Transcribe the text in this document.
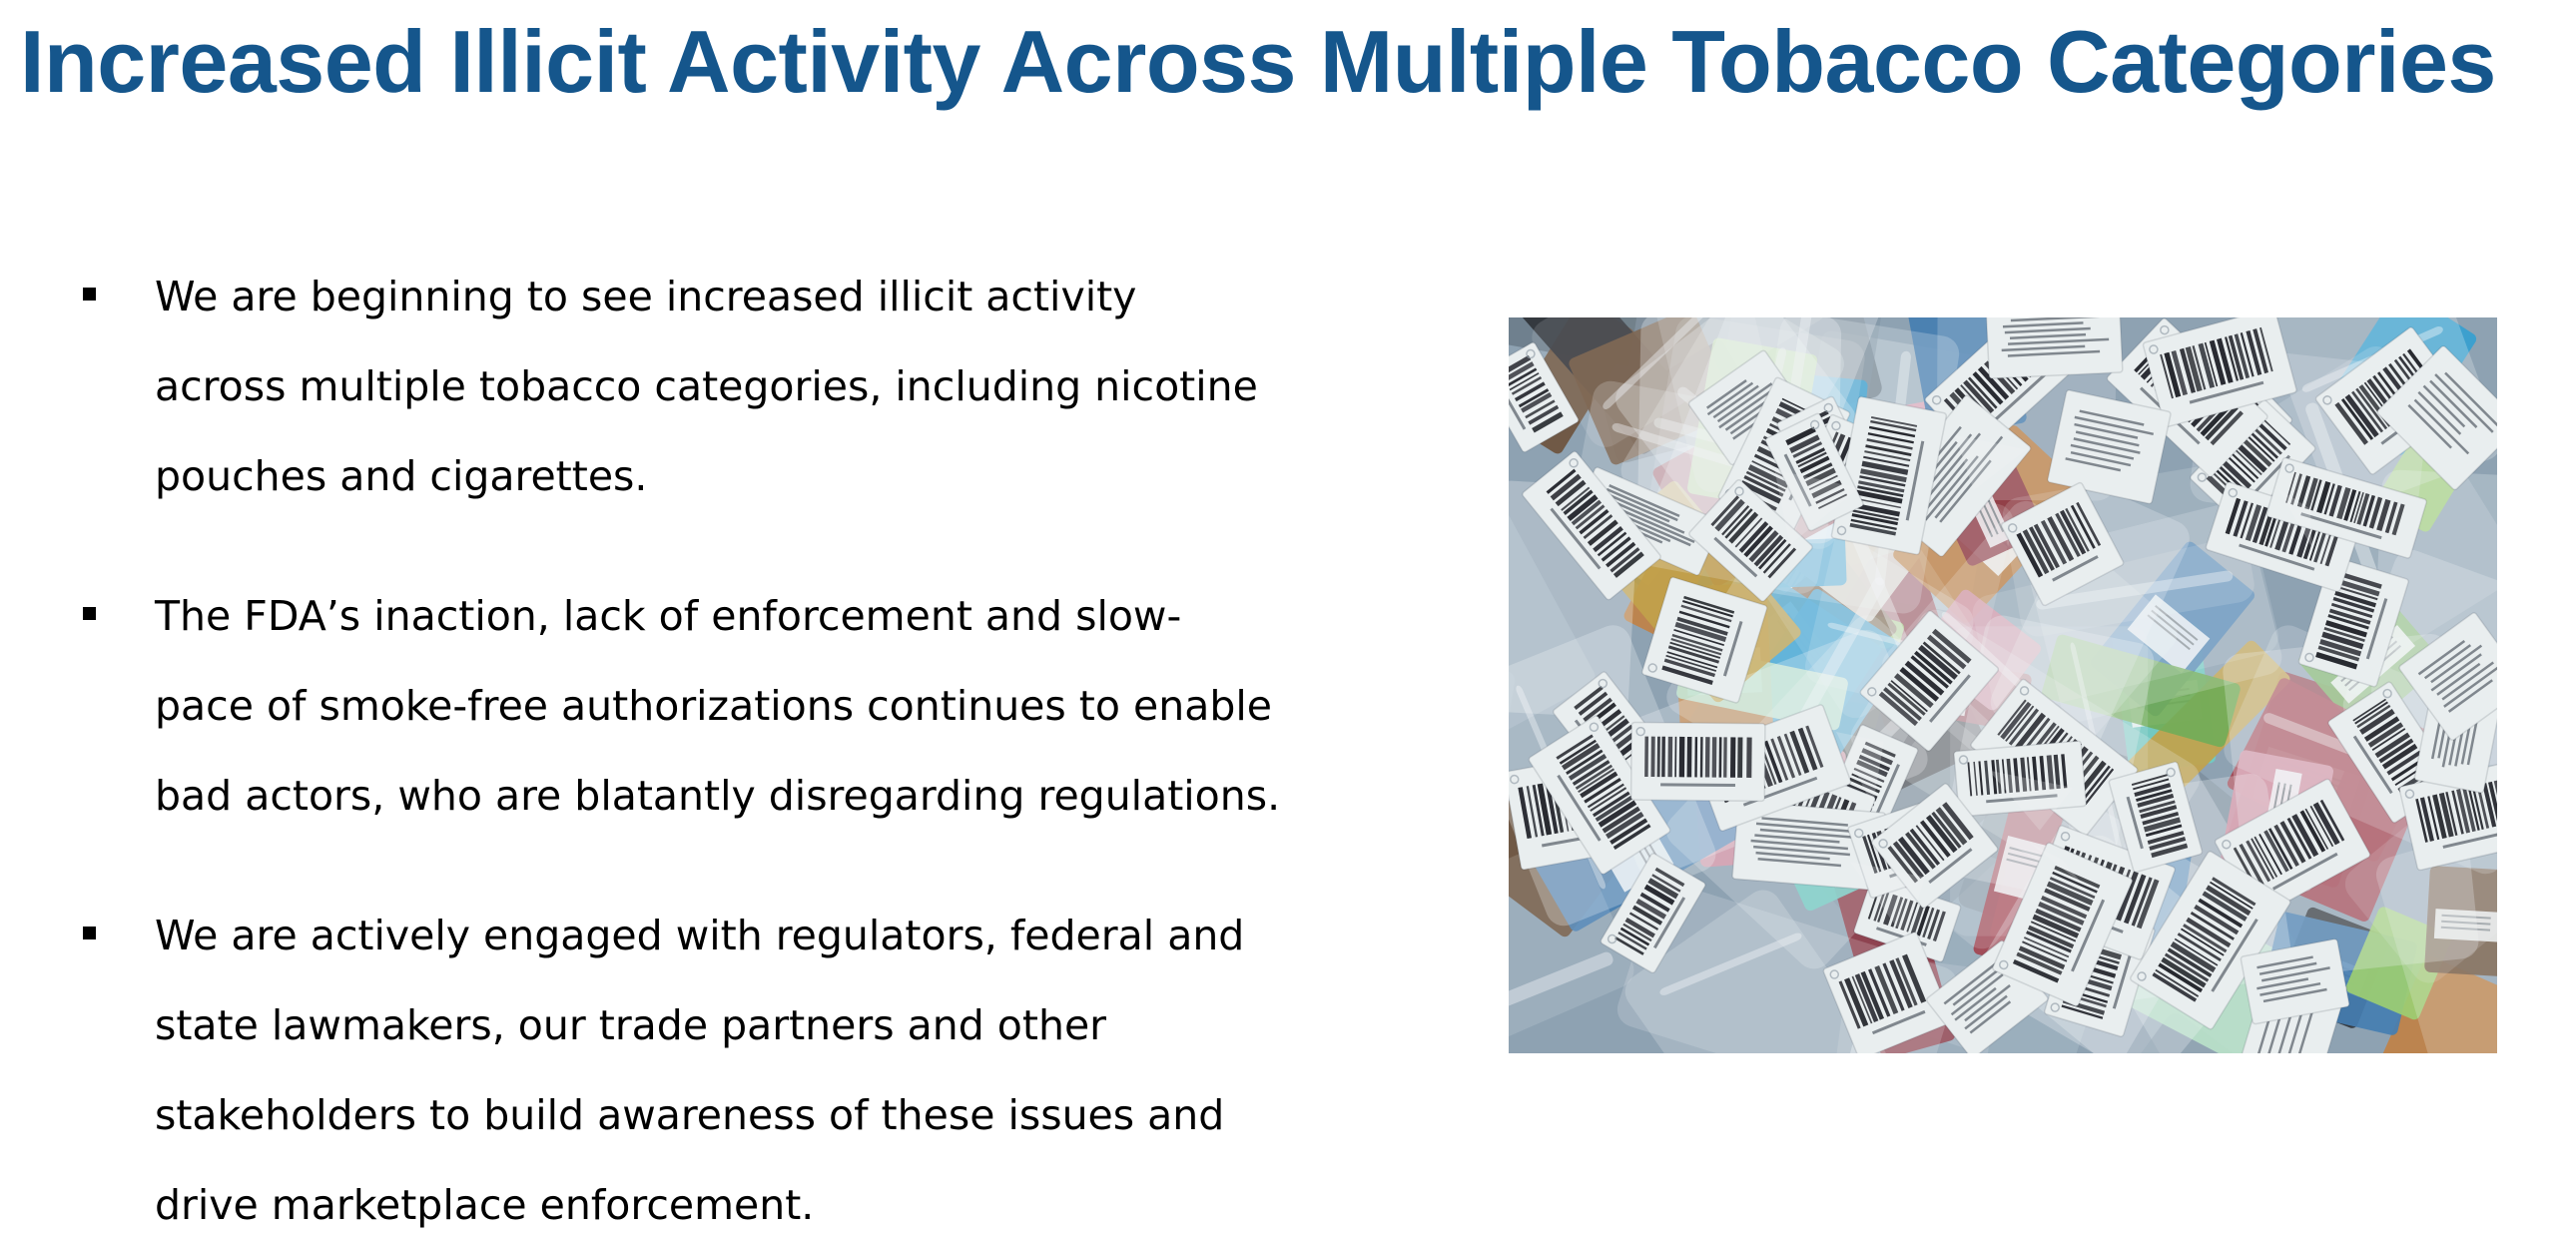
Increased Illicit Activity Across Multiple Tobacco Categories
We are beginning to see increased illicit activity
across multiple tobacco categories, including nicotine
pouches and cigarettes.
The FDA’s inaction, lack of enforcement and slow-
pace of smoke-free authorizations continues to enable
bad actors, who are blatantly disregarding regulations.
We are actively engaged with regulators, federal and
state lawmakers, our trade partners and other
stakeholders to build awareness of these issues and
drive marketplace enforcement.
